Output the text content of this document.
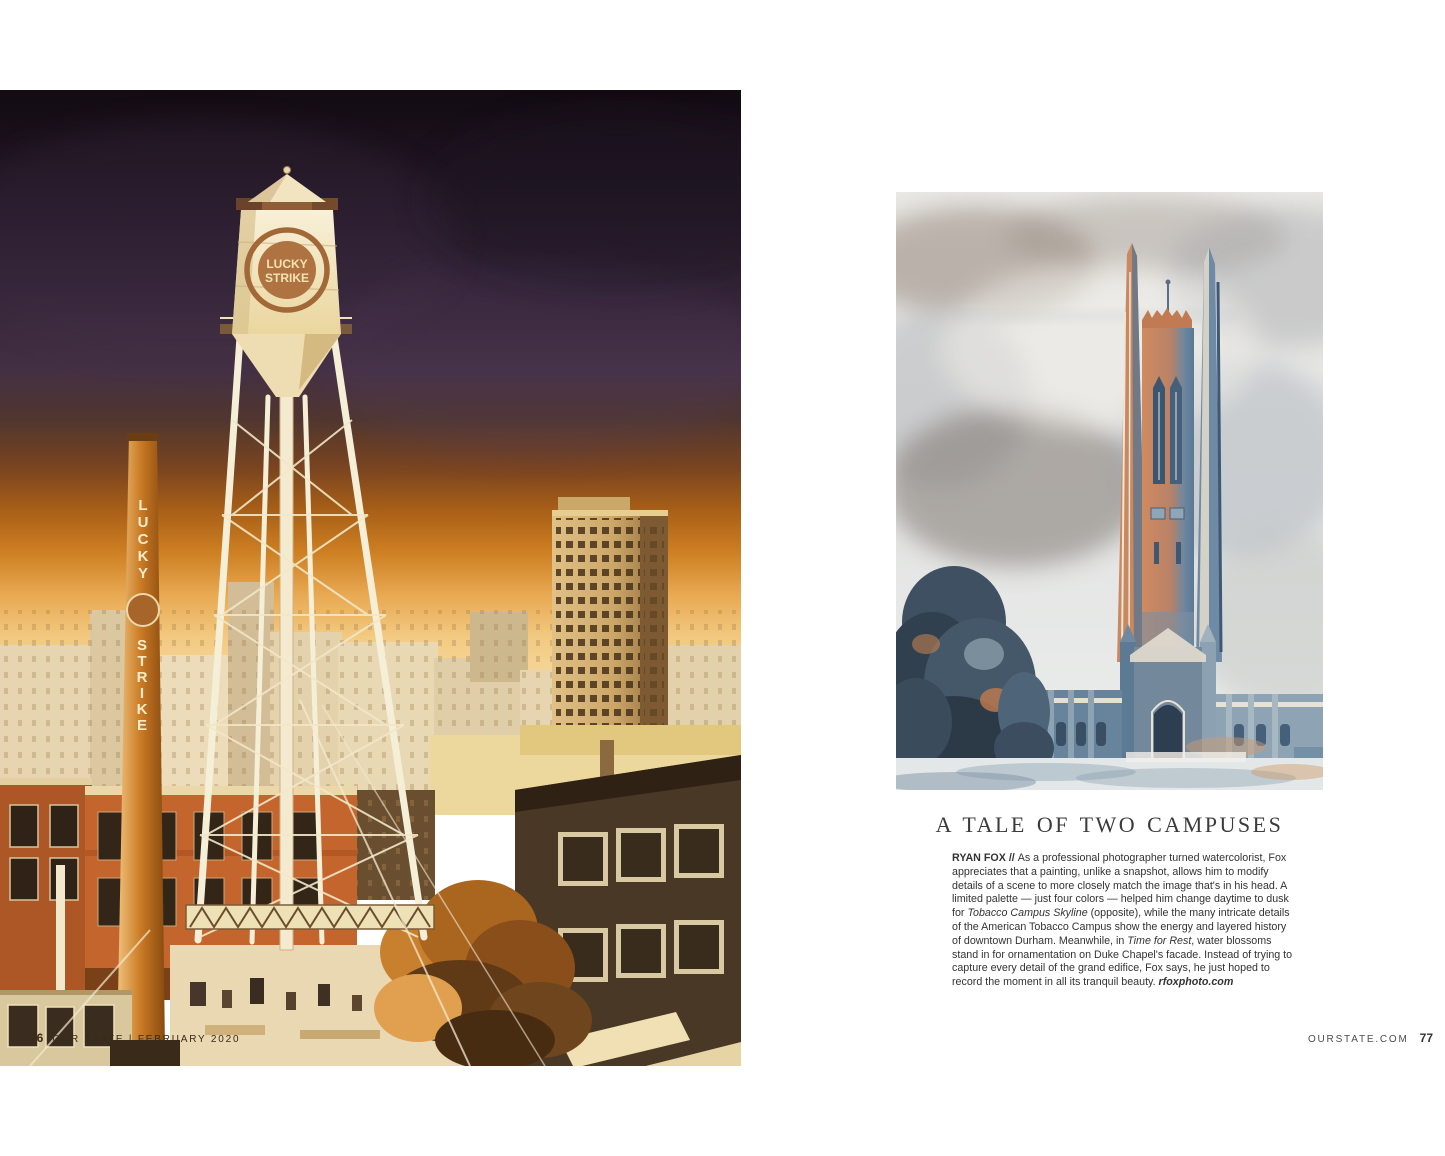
L U C K Y
S T R I K E
LUCKY
STRIKE
76 OUR STATE | FEBRUARY 2020
A TALE OF TWO CAMPUSES

RYAN FOX // As a professional photographer turned watercolorist, Fox appreciates that a painting, unlike a snapshot, allows him to modify details of a scene to more closely match the image that's in his head. A limited palette — just four colors — helped him change daytime to dusk for Tobacco Campus Skyline (opposite), while the many intricate details of the American Tobacco Campus show the energy and layered history of downtown Durham. Meanwhile, in Time for Rest, water blossoms stand in for ornamentation on Duke Chapel's facade. Instead of trying to capture every detail of the grand edifice, Fox says, he just hoped to record the moment in all its tranquil beauty. rfoxphoto.com

OURSTATE.COM 77
